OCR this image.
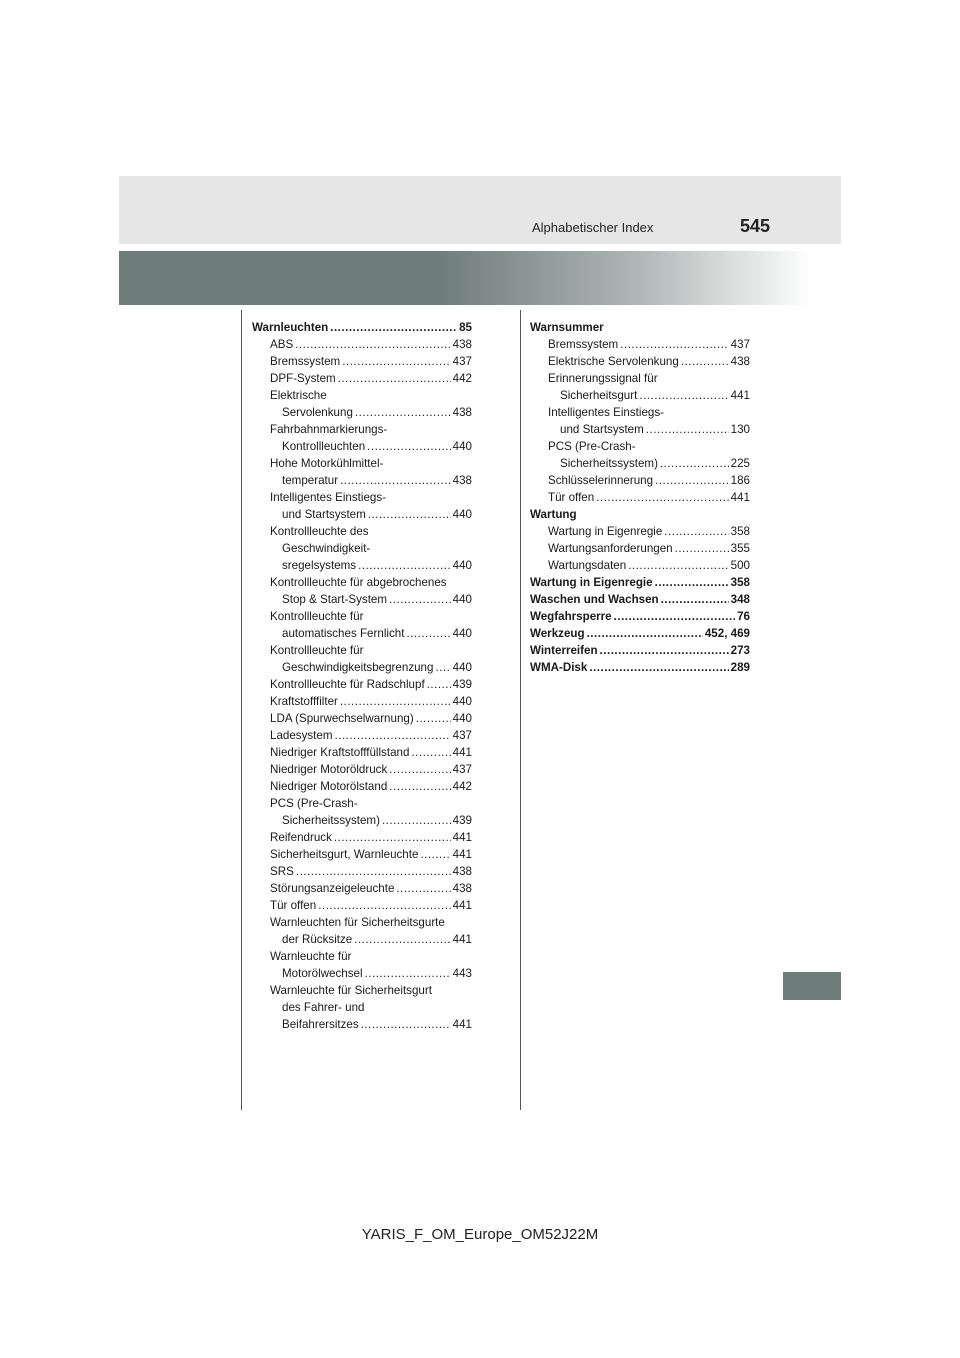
Alphabetischer Index	545
Warnleuchten .....	85
ABS .....	438
Bremssystem .....	437
DPF-System .....	442
Elektrische
Servolenkung .....	438
Fahrbahnmarkierungs-
Kontrollleuchten .....	440
Hohe Motorkühlmittel-
temperatur .....	438
Intelligentes Einstiegs-
und Startsystem .....	440
Kontrollleuchte des
Geschwindigkeit-
sregelsystems .....	440
Kontrollleuchte für abgebrochenes
Stop & Start-System .....	440
Kontrollleuchte für
automatisches Fernlicht .....	440
Kontrollleuchte für
Geschwindigkeitsbegrenzung ..... 440
Kontrollleuchte für Radschlupf ..... 439
Kraftstofffilter .....	440
LDA (Spurwechselwarnung) .....	440
Ladesystem .....	437
Niedriger Kraftstofffüllstand .....	441
Niedriger Motoröldruck .....	437
Niedriger Motorölstand .....	442
PCS (Pre-Crash-
Sicherheitssystem) .....	439
Reifendruck .....	441
Sicherheitsgurt, Warnleuchte .....	441
SRS .....	438
Störungsanzeigeleuchte .....	438
Tür offen .....	441
Warnleuchten für Sicherheitsgurte
der Rücksitze .....	441
Warnleuchte für
Motorölwechsel .....	443
Warnleuchte für Sicherheitsgurt
des Fahrer- und
Beifahrersitzes .....	441
Warnsummer
Bremssystem .....	437
Elektrische Servolenkung .....	438
Erinnerungssignal für
Sicherheitsgurt .....	441
Intelligentes Einstiegs-
und Startsystem .....	130
PCS (Pre-Crash-
Sicherheitssystem) .....	225
Schlüsselerinnerung .....	186
Tür offen .....	441
Wartung
Wartung in Eigenregie .....	358
Wartungsanforderungen .....	355
Wartungsdaten .....	500
Wartung in Eigenregie .....	358
Waschen und Wachsen .....	348
Wegfahrsperre .....	76
Werkzeug .....	452, 469
Winterreifen .....	273
WMA-Disk .....	289
YARIS_F_OM_Europe_OM52J22M
